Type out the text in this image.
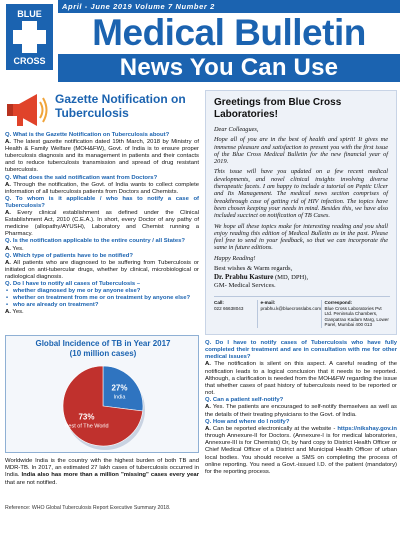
BLUE
CROSS
April - June 2019 Volume 7 Number 2
Medical Bulletin
News You Can Use
Gazette Notification on Tuberculosis
Q. What is the Gazette Notification on Tuberculosis about?
A. The latest gazette notification dated 19th March, 2018 by Ministry of Health & Family Welfare (MOH&FW), Govt. of India is to ensure proper tuberculosis diagnosis and its management in patients and their contacts and to reduce tuberculosis transmission and spread of drug resistant tuberculosis.
Q. What does the said notification want from Doctors?
A. Through the notification, the Govt. of India wants to collect complete information of all tuberculosis patients from Doctors and Chemists.
Q. To whom is it applicable / who has to notify a case of Tuberculosis?
A. Every clinical establishment as defined under the Clinical Establishment Act, 2010 (C.E.A.). In short, every Doctor of any pathy of medicine (allopathy/AYUSH), Laboratory and Chemist running a Pharmacy.
Q. Is the notification applicable to the entire country / all States?
A. Yes.
Q. Which type of patients have to be notified?
A. All patients who are diagnosed to be suffering from Tuberculosis or initiated on anti-tubercular drugs, whether by clinical, microbiological or radiological diagnosis.
Q. Do I have to notify all cases of Tuberculosis –
• whether diagnosed by me or by anyone else?
• whether on treatment from me or on treatment by anyone else?
• who are already on treatment?
A. Yes.
Global Incidence of TB in Year 2017
(10 million cases)
27%
India
73%
Rest of The World
Worldwide India is the country with the highest burden of both TB and MDR-TB. In 2017, an estimated 27 lakh cases of tuberculosis occurred in India. India also has more than a million "missing" cases every year that are not notified.
Reference: WHO Global Tuberculosis Report Executive Summary 2018.
Greetings from Blue Cross Laboratories!

Dear Colleagues,

Hope all of you are in the best of health and spirit! It gives me immense pleasure and satisfaction to present you with the first issue of the Blue Cross Medical Bulletin for the new financial year of 2019.

This issue will have you updated on a few recent medical developments, and novel clinical insights involving diverse therapeutic facets. I am happy to include a tutorial on Peptic Ulcer and Its Management. The medical news section comprises of breakthrough case of getting rid of HIV infection. The topics have been chosen keeping your needs in mind. Besides this, we have also included succinct on notification of TB Cases.

We hope all these topics make for interesting reading and you shall enjoy reading this edition of Medical Bulletin as in the past. Please feel free to send in your feedback, so that we can incorporate the same in future editions.

Happy Reading!

Best wishes & Warm regards,
Dr. Prabhu Kasture (MD, DPH),
GM- Medical Services.
Call:
022 66638043
e-mail:
prabhu.k@bluecrosslabs.com
Correspond:
Blue Cross Laboratories Pvt Ltd. Peninsula Chambers, Ganpatrao Kadam Marg, Lower Parel, Mumbai 400 013
Q. Do I have to notify cases of Tuberculosis who have fully completed their treatment and are in consultation with me for other medical issues?
A. The notification is silent on this aspect. A careful reading of the notification leads to a logical conclusion that it needs to be reported. Although, a clarification is needed from the MOH&FW regarding the issue that whether cases of past history of tuberculosis need to be reported or not.
Q. Can a patient self-notify?
A. Yes. The patients are encouraged to self-notify themselves as well as the details of their treating physicians to the Govt. of India.
Q. How and where do I notify?
A. Can be reported electronically at the website - https://nikshay.gov.in through Annexure-II for Doctors. (Annexure-I is for medical laboratories, Annexure-III is for Chemists) Or, by hard copy to District Health Officer or Chief Medical Officer of a District and Municipal Health Officer of urban local bodies. You should receive a SMS on completing the process of online reporting. You need a Govt.-issued I.D. of the patient (mandatory) for the reporting process.
